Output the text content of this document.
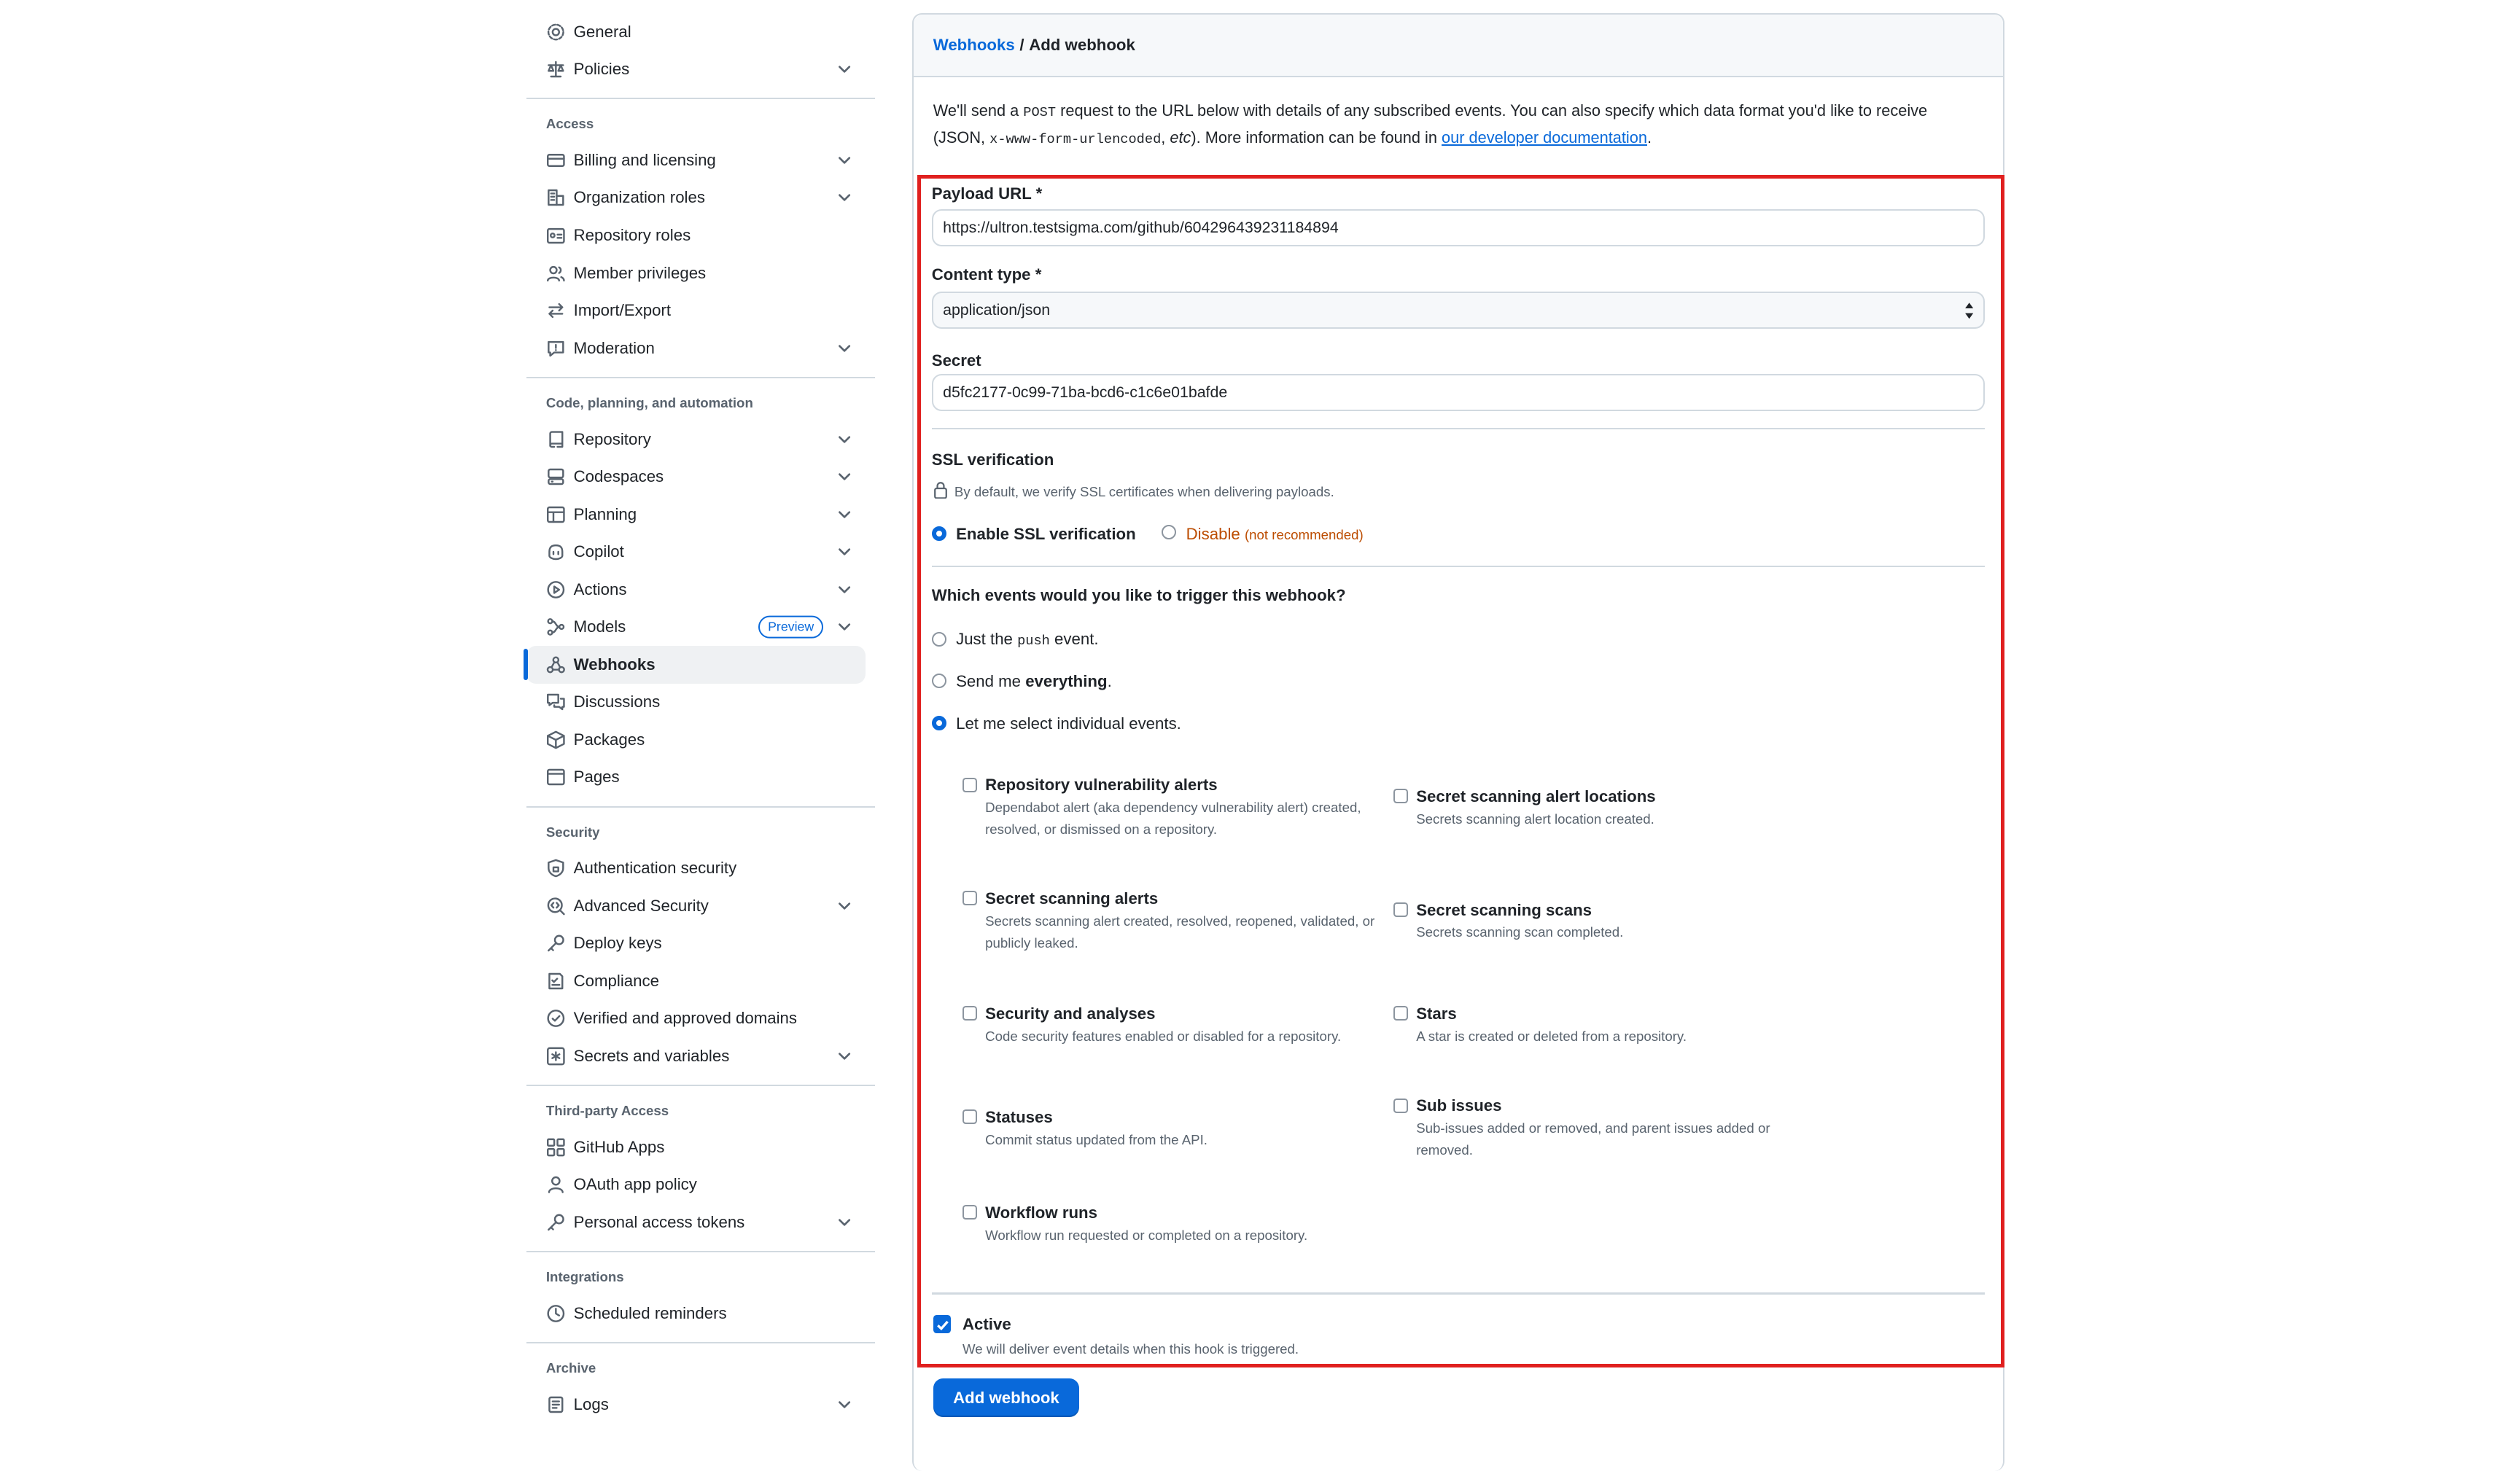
General
Policies
Access
Billing and licensing
Organization roles
Repository roles
Member privileges
Import/Export
Moderation
Code, planning, and automation
Repository
Codespaces
Planning
Copilot
Actions
Models	Preview
Webhooks
Discussions
Packages
Pages
Security
Authentication security
Advanced Security
Deploy keys
Compliance
Verified and approved domains
Secrets and variables
Third-party Access
GitHub Apps
OAuth app policy
Personal access tokens
Integrations
Scheduled reminders
Archive
Logs
Webhooks / Add webhook
We'll send a POST request to the URL below with details of any subscribed events. You can also specify which data format you'd like to receive (JSON, x-www-form-urlencoded, etc). More information can be found in our developer documentation.
Payload URL *
https://ultron.testsigma.com/github/604296439231184894
Content type *
application/json
Secret
d5fc2177-0c99-71ba-bcd6-c1c6e01bafde
SSL verification
By default, we verify SSL certificates when delivering payloads.
Enable SSL verification	Disable (not recommended)
Which events would you like to trigger this webhook?
Just the push event.
Send me everything.
Let me select individual events.
Repository vulnerability alerts
Dependabot alert (aka dependency vulnerability alert) created, resolved, or dismissed on a repository.
Secret scanning alerts
Secrets scanning alert created, resolved, reopened, validated, or publicly leaked.
Security and analyses
Code security features enabled or disabled for a repository.
Statuses
Commit status updated from the API.
Workflow runs
Workflow run requested or completed on a repository.
Secret scanning alert locations
Secrets scanning alert location created.
Secret scanning scans
Secrets scanning scan completed.
Stars
A star is created or deleted from a repository.
Sub issues
Sub-issues added or removed, and parent issues added or removed.
Active
We will deliver event details when this hook is triggered.
Add webhook
